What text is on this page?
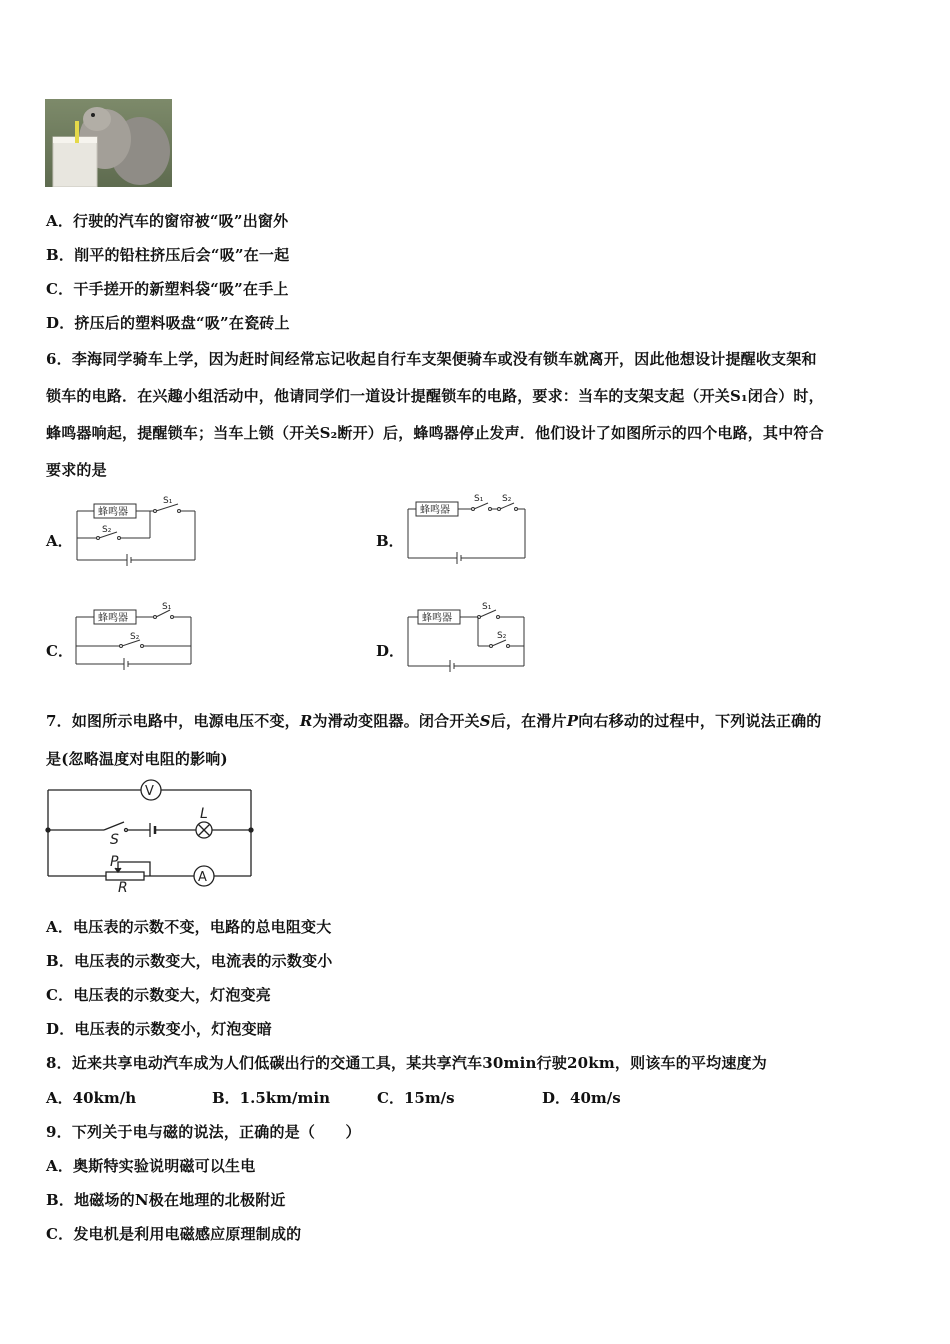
A．行驶的汽车的窗帘被“吸”出窗外
B．削平的铅柱挤压后会“吸”在一起
C．干手搓开的新塑料袋“吸”在手上
D．挤压后的塑料吸盘“吸”在瓷砖上
6．李海同学骑车上学，因为赶时间经常忘记收起自行车支架便骑车或没有锁车就离开，因此他想设计提醒收支架和
锁车的电路．在兴趣小组活动中，他请同学们一道设计提醒锁车的电路，要求：当车的支架支起（开关S₁闭合）时，
蜂鸣器响起，提醒锁车；当车上锁（开关S₂断开）后，蜂鸣器停止发声．他们设计了如图所示的四个电路，其中符合
要求的是
A．	B．
C．	D．
蜂鸣器
S₁
S₂
蜂鸣器
S₁ S₂
蜂鸣器
S₁
S₂
蜂鸣器
S₁
S₂
7．如图所示电路中，电源电压不变，R为滑动变阻器。闭合开关S后，在滑片P向右移动的过程中，下列说法正确的
是(忽略温度对电阻的影响)
V
S
L
P
R
A
A．电压表的示数不变，电路的总电阻变大
B．电压表的示数变大，电流表的示数变小
C．电压表的示数变大，灯泡变亮
D．电压表的示数变小，灯泡变暗
8．近来共享电动汽车成为人们低碳出行的交通工具，某共享汽车30min行驶20km，则该车的平均速度为
A．40km/h	B．1.5km/min	C．15m/s	D．40m/s
9．下列关于电与磁的说法，正确的是（　　）
A．奥斯特实验说明磁可以生电
B．地磁场的N极在地理的北极附近
C．发电机是利用电磁感应原理制成的
